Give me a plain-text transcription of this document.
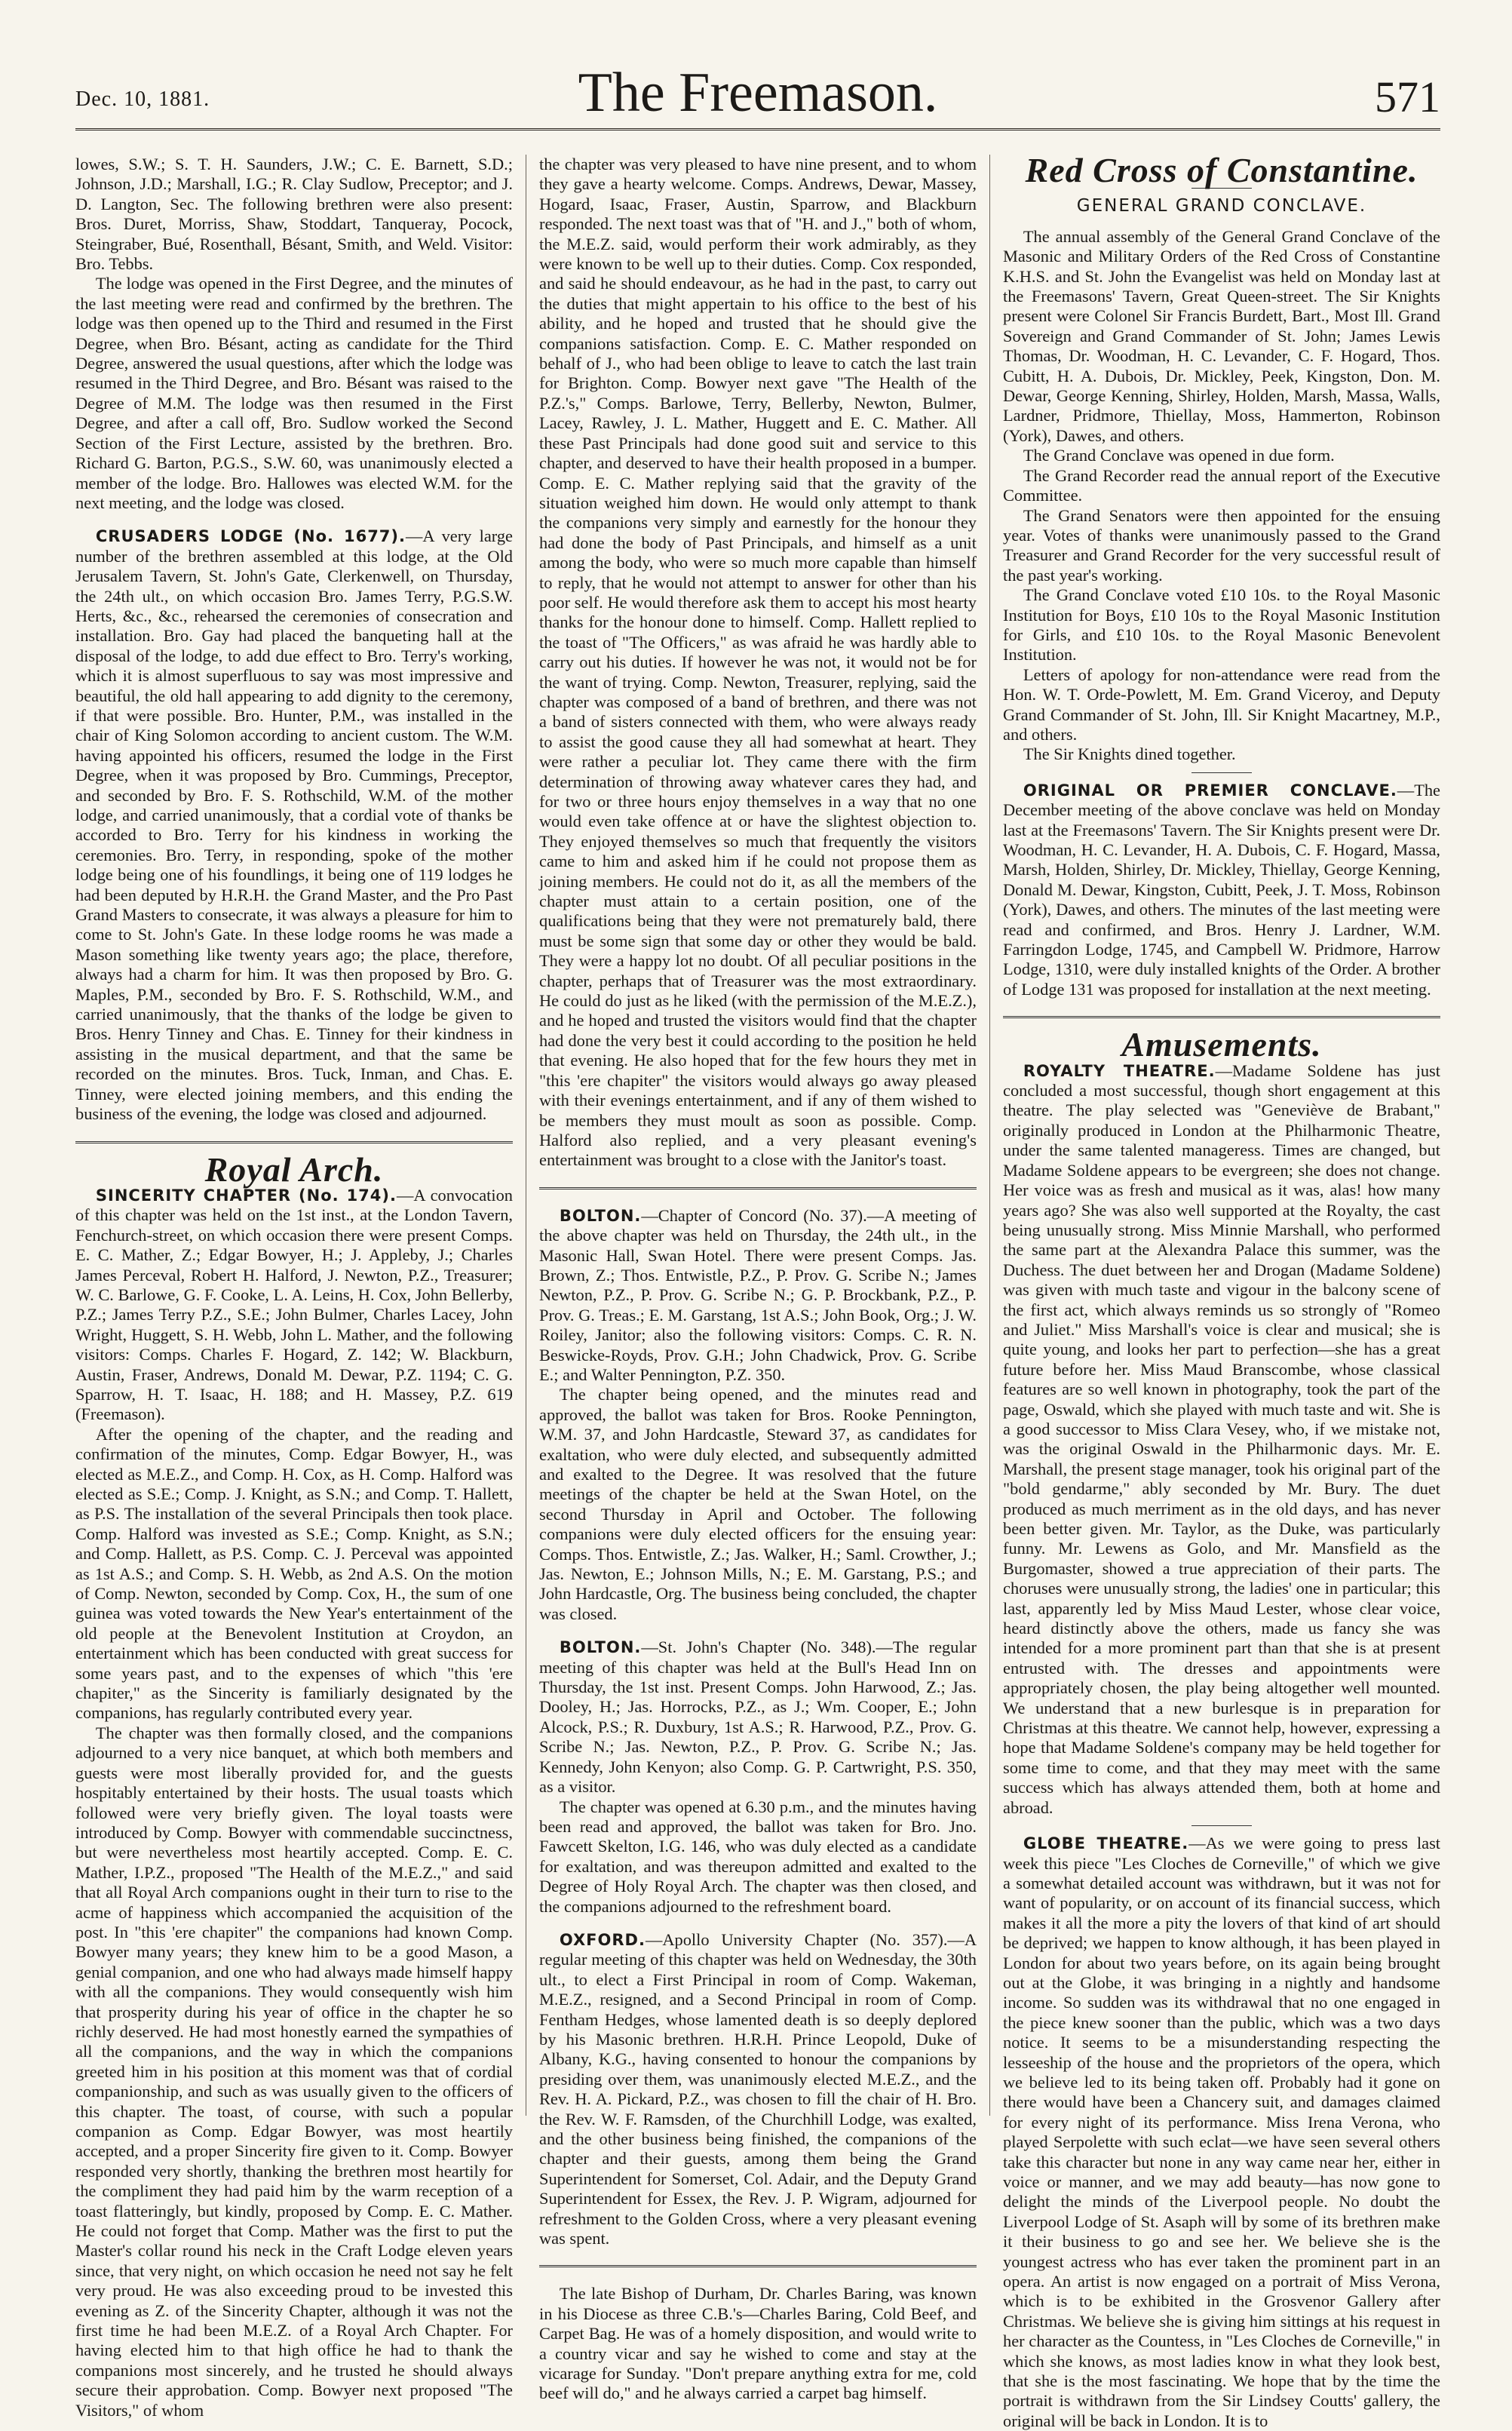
Dec. 10, 1881.	The Freemason.	571

lowes, S.W.; S. T. H. Saunders, J.W.; C. E. Barnett, S.D.; Johnson, J.D.; Marshall, I.G.; R. Clay Sudlow, Preceptor; and J. D. Langton, Sec. The following brethren were also present: Bros. Duret, Morriss, Shaw, Stoddart, Tanqueray, Pocock, Steingraber, Bué, Rosenthall, Bésant, Smith, and Weld. Visitor: Bro. Tebbs.

The lodge was opened in the First Degree, and the minutes of the last meeting were read and confirmed by the brethren. The lodge was then opened up to the Third and resumed in the First Degree, when Bro. Bésant, acting as candidate for the Third Degree, answered the usual questions, after which the lodge was resumed in the Third Degree, and Bro. Bésant was raised to the Degree of M.M. The lodge was then resumed in the First Degree, and after a call off, Bro. Sudlow worked the Second Section of the First Lecture, assisted by the brethren. Bro. Richard G. Barton, P.G.S., S.W. 60, was unanimously elected a member of the lodge. Bro. Hallowes was elected W.M. for the next meeting, and the lodge was closed.

CRUSADERS LODGE (No. 1677).—A very large number of the brethren assembled at this lodge, at the Old Jerusalem Tavern, St. John's Gate, Clerkenwell, on Thursday, the 24th ult., on which occasion Bro. James Terry, P.G.S.W. Herts, &c., &c., rehearsed the ceremonies of consecration and installation. Bro. Gay had placed the banqueting hall at the disposal of the lodge, to add due effect to Bro. Terry's working, which it is almost superfluous to say was most impressive and beautiful, the old hall appearing to add dignity to the ceremony, if that were possible. Bro. Hunter, P.M., was installed in the chair of King Solomon according to ancient custom. The W.M. having appointed his officers, resumed the lodge in the First Degree, when it was proposed by Bro. Cummings, Preceptor, and seconded by Bro. F. S. Rothschild, W.M. of the mother lodge, and carried unanimously, that a cordial vote of thanks be accorded to Bro. Terry for his kindness in working the ceremonies. Bro. Terry, in responding, spoke of the mother lodge being one of his foundlings, it being one of 119 lodges he had been deputed by H.R.H. the Grand Master, and the Pro Past Grand Masters to consecrate, it was always a pleasure for him to come to St. John's Gate. In these lodge rooms he was made a Mason something like twenty years ago; the place, therefore, always had a charm for him. It was then proposed by Bro. G. Maples, P.M., seconded by Bro. F. S. Rothschild, W.M., and carried unanimously, that the thanks of the lodge be given to Bros. Henry Tinney and Chas. E. Tinney for their kindness in assisting in the musical department, and that the same be recorded on the minutes. Bros. Tuck, Inman, and Chas. E. Tinney, were elected joining members, and this ending the business of the evening, the lodge was closed and adjourned.

Royal Arch.

SINCERITY CHAPTER (No. 174).—A convocation of this chapter was held on the 1st inst., at the London Tavern, Fenchurch-street, on which occasion there were present Comps. E. C. Mather, Z.; Edgar Bowyer, H.; J. Appleby, J.; Charles James Perceval, Robert H. Halford, J. Newton, P.Z., Treasurer; W. C. Barlowe, G. F. Cooke, L. A. Leins, H. Cox, John Bellerby, P.Z.; James Terry P.Z., S.E.; John Bulmer, Charles Lacey, John Wright, Huggett, S. H. Webb, John L. Mather, and the following visitors: Comps. Charles F. Hogard, Z. 142; W. Blackburn, Austin, Fraser, Andrews, Donald M. Dewar, P.Z. 1194; C. G. Sparrow, H. T. Isaac, H. 188; and H. Massey, P.Z. 619 (Freemason).

After the opening of the chapter, and the reading and confirmation of the minutes, Comp. Edgar Bowyer, H., was elected as M.E.Z., and Comp. H. Cox, as H. Comp. Halford was elected as S.E.; Comp. J. Knight, as S.N.; and Comp. T. Hallett, as P.S. The installation of the several Principals then took place. Comp. Halford was invested as S.E.; Comp. Knight, as S.N.; and Comp. Hallett, as P.S. Comp. C. J. Perceval was appointed as 1st A.S.; and Comp. S. H. Webb, as 2nd A.S. On the motion of Comp. Newton, seconded by Comp. Cox, H., the sum of one guinea was voted towards the New Year's entertainment of the old people at the Benevolent Institution at Croydon, an entertainment which has been conducted with great success for some years past, and to the expenses of which "this 'ere chapiter," as the Sincerity is familiarly designated by the companions, has regularly contributed every year.

The chapter was then formally closed, and the companions adjourned to a very nice banquet, at which both members and guests were most liberally provided for, and the guests hospitably entertained by their hosts. The usual toasts which followed were very briefly given. The loyal toasts were introduced by Comp. Bowyer with commendable succinctness, but were nevertheless most heartily accepted. Comp. E. C. Mather, I.P.Z., proposed "The Health of the M.E.Z.," and said that all Royal Arch companions ought in their turn to rise to the acme of happiness which accompanied the acquisition of the post. In "this 'ere chapiter" the companions had known Comp. Bowyer many years; they knew him to be a good Mason, a genial companion, and one who had always made himself happy with all the companions. They would consequently wish him that prosperity during his year of office in the chapter he so richly deserved. He had most honestly earned the sympathies of all the companions, and the way in which the companions greeted him in his position at this moment was that of cordial companionship, and such as was usually given to the officers of this chapter. The toast, of course, with such a popular companion as Comp. Edgar Bowyer, was most heartily accepted, and a proper Sincerity fire given to it. Comp. Bowyer responded very shortly, thanking the brethren most heartily for the compliment they had paid him by the warm reception of a toast flatteringly, but kindly, proposed by Comp. E. C. Mather. He could not forget that Comp. Mather was the first to put the Master's collar round his neck in the Craft Lodge eleven years since, that very night, on which occasion he need not say he felt very proud. He was also exceeding proud to be invested this evening as Z. of the Sincerity Chapter, although it was not the first time he had been M.E.Z. of a Royal Arch Chapter. For having elected him to that high office he had to thank the companions most sincerely, and he trusted he should always secure their approbation. Comp. Bowyer next proposed "The Visitors," of whom

the chapter was very pleased to have nine present, and to whom they gave a hearty welcome. Comps. Andrews, Dewar, Massey, Hogard, Isaac, Fraser, Austin, Sparrow, and Blackburn responded. The next toast was that of "H. and J.," both of whom, the M.E.Z. said, would perform their work admirably, as they were known to be well up to their duties. Comp. Cox responded, and said he should endeavour, as he had in the past, to carry out the duties that might appertain to his office to the best of his ability, and he hoped and trusted that he should give the companions satisfaction. Comp. E. C. Mather responded on behalf of J., who had been oblige to leave to catch the last train for Brighton. Comp. Bowyer next gave "The Health of the P.Z.'s," Comps. Barlowe, Terry, Bellerby, Newton, Bulmer, Lacey, Rawley, J. L. Mather, Huggett and E. C. Mather. All these Past Principals had done good suit and service to this chapter, and deserved to have their health proposed in a bumper. Comp. E. C. Mather replying said that the gravity of the situation weighed him down. He would only attempt to thank the companions very simply and earnestly for the honour they had done the body of Past Principals, and himself as a unit among the body, who were so much more capable than himself to reply, that he would not attempt to answer for other than his poor self. He would therefore ask them to accept his most hearty thanks for the honour done to himself. Comp. Hallett replied to the toast of "The Officers," as was afraid he was hardly able to carry out his duties. If however he was not, it would not be for the want of trying. Comp. Newton, Treasurer, replying, said the chapter was composed of a band of brethren, and there was not a band of sisters connected with them, who were always ready to assist the good cause they all had somewhat at heart. They were rather a peculiar lot. They came there with the firm determination of throwing away whatever cares they had, and for two or three hours enjoy themselves in a way that no one would even take offence at or have the slightest objection to. They enjoyed themselves so much that frequently the visitors came to him and asked him if he could not propose them as joining members. He could not do it, as all the members of the chapter must attain to a certain position, one of the qualifications being that they were not prematurely bald, there must be some sign that some day or other they would be bald. They were a happy lot no doubt. Of all peculiar positions in the chapter, perhaps that of Treasurer was the most extraordinary. He could do just as he liked (with the permission of the M.E.Z.), and he hoped and trusted the visitors would find that the chapter had done the very best it could according to the position he held that evening. He also hoped that for the few hours they met in "this 'ere chapiter" the visitors would always go away pleased with their evenings entertainment, and if any of them wished to be members they must moult as soon as possible. Comp. Halford also replied, and a very pleasant evening's entertainment was brought to a close with the Janitor's toast.

BOLTON.—Chapter of Concord (No. 37).—A meeting of the above chapter was held on Thursday, the 24th ult., in the Masonic Hall, Swan Hotel. There were present Comps. Jas. Brown, Z.; Thos. Entwistle, P.Z., P. Prov. G. Scribe N.; James Newton, P.Z., P. Prov. G. Scribe N.; G. P. Brockbank, P.Z., P. Prov. G. Treas.; E. M. Garstang, 1st A.S.; John Book, Org.; J. W. Roiley, Janitor; also the following visitors: Comps. C. R. N. Beswicke-Royds, Prov. G.H.; John Chadwick, Prov. G. Scribe E.; and Walter Pennington, P.Z. 350.

The chapter being opened, and the minutes read and approved, the ballot was taken for Bros. Rooke Pennington, W.M. 37, and John Hardcastle, Steward 37, as candidates for exaltation, who were duly elected, and subsequently admitted and exalted to the Degree. It was resolved that the future meetings of the chapter be held at the Swan Hotel, on the second Thursday in April and October. The following companions were duly elected officers for the ensuing year: Comps. Thos. Entwistle, Z.; Jas. Walker, H.; Saml. Crowther, J.; Jas. Newton, E.; Johnson Mills, N.; E. M. Garstang, P.S.; and John Hardcastle, Org. The business being concluded, the chapter was closed.

BOLTON.—St. John's Chapter (No. 348).—The regular meeting of this chapter was held at the Bull's Head Inn on Thursday, the 1st inst. Present Comps. John Harwood, Z.; Jas. Dooley, H.; Jas. Horrocks, P.Z., as J.; Wm. Cooper, E.; John Alcock, P.S.; R. Duxbury, 1st A.S.; R. Harwood, P.Z., Prov. G. Scribe N.; Jas. Newton, P.Z., P. Prov. G. Scribe N.; Jas. Kennedy, John Kenyon; also Comp. G. P. Cartwright, P.S. 350, as a visitor.

The chapter was opened at 6.30 p.m., and the minutes having been read and approved, the ballot was taken for Bro. Jno. Fawcett Skelton, I.G. 146, who was duly elected as a candidate for exaltation, and was thereupon admitted and exalted to the Degree of Holy Royal Arch. The chapter was then closed, and the companions adjourned to the refreshment board.

OXFORD.—Apollo University Chapter (No. 357).—A regular meeting of this chapter was held on Wednesday, the 30th ult., to elect a First Principal in room of Comp. Wakeman, M.E.Z., resigned, and a Second Principal in room of Comp. Fentham Hedges, whose lamented death is so deeply deplored by his Masonic brethren. H.R.H. Prince Leopold, Duke of Albany, K.G., having consented to honour the companions by presiding over them, was unanimously elected M.E.Z., and the Rev. H. A. Pickard, P.Z., was chosen to fill the chair of H. Bro. the Rev. W. F. Ramsden, of the Churchhill Lodge, was exalted, and the other business being finished, the companions of the chapter and their guests, among them being the Grand Superintendent for Somerset, Col. Adair, and the Deputy Grand Superintendent for Essex, the Rev. J. P. Wigram, adjourned for refreshment to the Golden Cross, where a very pleasant evening was spent.

The late Bishop of Durham, Dr. Charles Baring, was known in his Diocese as three C.B.'s—Charles Baring, Cold Beef, and Carpet Bag. He was of a homely disposition, and would write to a country vicar and say he wished to come and stay at the vicarage for Sunday. "Don't prepare anything extra for me, cold beef will do," and he always carried a carpet bag himself.

Red Cross of Constantine.
GENERAL GRAND CONCLAVE.

The annual assembly of the General Grand Conclave of the Masonic and Military Orders of the Red Cross of Constantine K.H.S. and St. John the Evangelist was held on Monday last at the Freemasons' Tavern, Great Queen-street. The Sir Knights present were Colonel Sir Francis Burdett, Bart., Most Ill. Grand Sovereign and Grand Commander of St. John; James Lewis Thomas, Dr. Woodman, H. C. Levander, C. F. Hogard, Thos. Cubitt, H. A. Dubois, Dr. Mickley, Peek, Kingston, Don. M. Dewar, George Kenning, Shirley, Holden, Marsh, Massa, Walls, Lardner, Pridmore, Thiellay, Moss, Hammerton, Robinson (York), Dawes, and others.

The Grand Conclave was opened in due form.

The Grand Recorder read the annual report of the Executive Committee.

The Grand Senators were then appointed for the ensuing year. Votes of thanks were unanimously passed to the Grand Treasurer and Grand Recorder for the very successful result of the past year's working.

The Grand Conclave voted £10 10s. to the Royal Masonic Institution for Boys, £10 10s to the Royal Masonic Institution for Girls, and £10 10s. to the Royal Masonic Benevolent Institution.

Letters of apology for non-attendance were read from the Hon. W. T. Orde-Powlett, M. Em. Grand Viceroy, and Deputy Grand Commander of St. John, Ill. Sir Knight Macartney, M.P., and others.

The Sir Knights dined together.

ORIGINAL OR PREMIER CONCLAVE.—The December meeting of the above conclave was held on Monday last at the Freemasons' Tavern. The Sir Knights present were Dr. Woodman, H. C. Levander, H. A. Dubois, C. F. Hogard, Massa, Marsh, Holden, Shirley, Dr. Mickley, Thiellay, George Kenning, Donald M. Dewar, Kingston, Cubitt, Peek, J. T. Moss, Robinson (York), Dawes, and others. The minutes of the last meeting were read and confirmed, and Bros. Henry J. Lardner, W.M. Farringdon Lodge, 1745, and Campbell W. Pridmore, Harrow Lodge, 1310, were duly installed knights of the Order. A brother of Lodge 131 was proposed for installation at the next meeting.

Amusements.

ROYALTY THEATRE.—Madame Soldene has just concluded a most successful, though short engagement at this theatre. The play selected was "Geneviève de Brabant," originally produced in London at the Philharmonic Theatre, under the same talented manageress. Times are changed, but Madame Soldene appears to be evergreen; she does not change. Her voice was as fresh and musical as it was, alas! how many years ago? She was also well supported at the Royalty, the cast being unusually strong. Miss Minnie Marshall, who performed the same part at the Alexandra Palace this summer, was the Duchess. The duet between her and Drogan (Madame Soldene) was given with much taste and vigour in the balcony scene of the first act, which always reminds us so strongly of "Romeo and Juliet." Miss Marshall's voice is clear and musical; she is quite young, and looks her part to perfection—she has a great future before her. Miss Maud Branscombe, whose classical features are so well known in photography, took the part of the page, Oswald, which she played with much taste and wit. She is a good successor to Miss Clara Vesey, who, if we mistake not, was the original Oswald in the Philharmonic days. Mr. E. Marshall, the present stage manager, took his original part of the "bold gendarme," ably seconded by Mr. Bury. The duet produced as much merriment as in the old days, and has never been better given. Mr. Taylor, as the Duke, was particularly funny. Mr. Lewens as Golo, and Mr. Mansfield as the Burgomaster, showed a true appreciation of their parts. The choruses were unusually strong, the ladies' one in particular; this last, apparently led by Miss Maud Lester, whose clear voice, heard distinctly above the others, made us fancy she was intended for a more prominent part than that she is at present entrusted with. The dresses and appointments were appropriately chosen, the play being altogether well mounted. We understand that a new burlesque is in preparation for Christmas at this theatre. We cannot help, however, expressing a hope that Madame Soldene's company may be held together for some time to come, and that they may meet with the same success which has always attended them, both at home and abroad.

GLOBE THEATRE.—As we were going to press last week this piece "Les Cloches de Corneville," of which we give a somewhat detailed account was withdrawn, but it was not for want of popularity, or on account of its financial success, which makes it all the more a pity the lovers of that kind of art should be deprived; we happen to know although, it has been played in London for about two years before, on its again being brought out at the Globe, it was bringing in a nightly and handsome income. So sudden was its withdrawal that no one engaged in the piece knew sooner than the public, which was a two days notice. It seems to be a misunderstanding respecting the lesseeship of the house and the proprietors of the opera, which we believe led to its being taken off. Probably had it gone on there would have been a Chancery suit, and damages claimed for every night of its performance. Miss Irena Verona, who played Serpolette with such eclat—we have seen several others take this character but none in any way came near her, either in voice or manner, and we may add beauty—has now gone to delight the minds of the Liverpool people. No doubt the Liverpool Lodge of St. Asaph will by some of its brethren make it their business to go and see her. We believe she is the youngest actress who has ever taken the prominent part in an opera. An artist is now engaged on a portrait of Miss Verona, which is to be exhibited in the Grosvenor Gallery after Christmas. We believe she is giving him sittings at his request in her character as the Countess, in "Les Cloches de Corneville," in which she knows, as most ladies know in what they look best, that she is the most fascinating. We hope that by the time the portrait is withdrawn from the Sir Lindsey Coutts' gallery, the original will be back in London. It is to
